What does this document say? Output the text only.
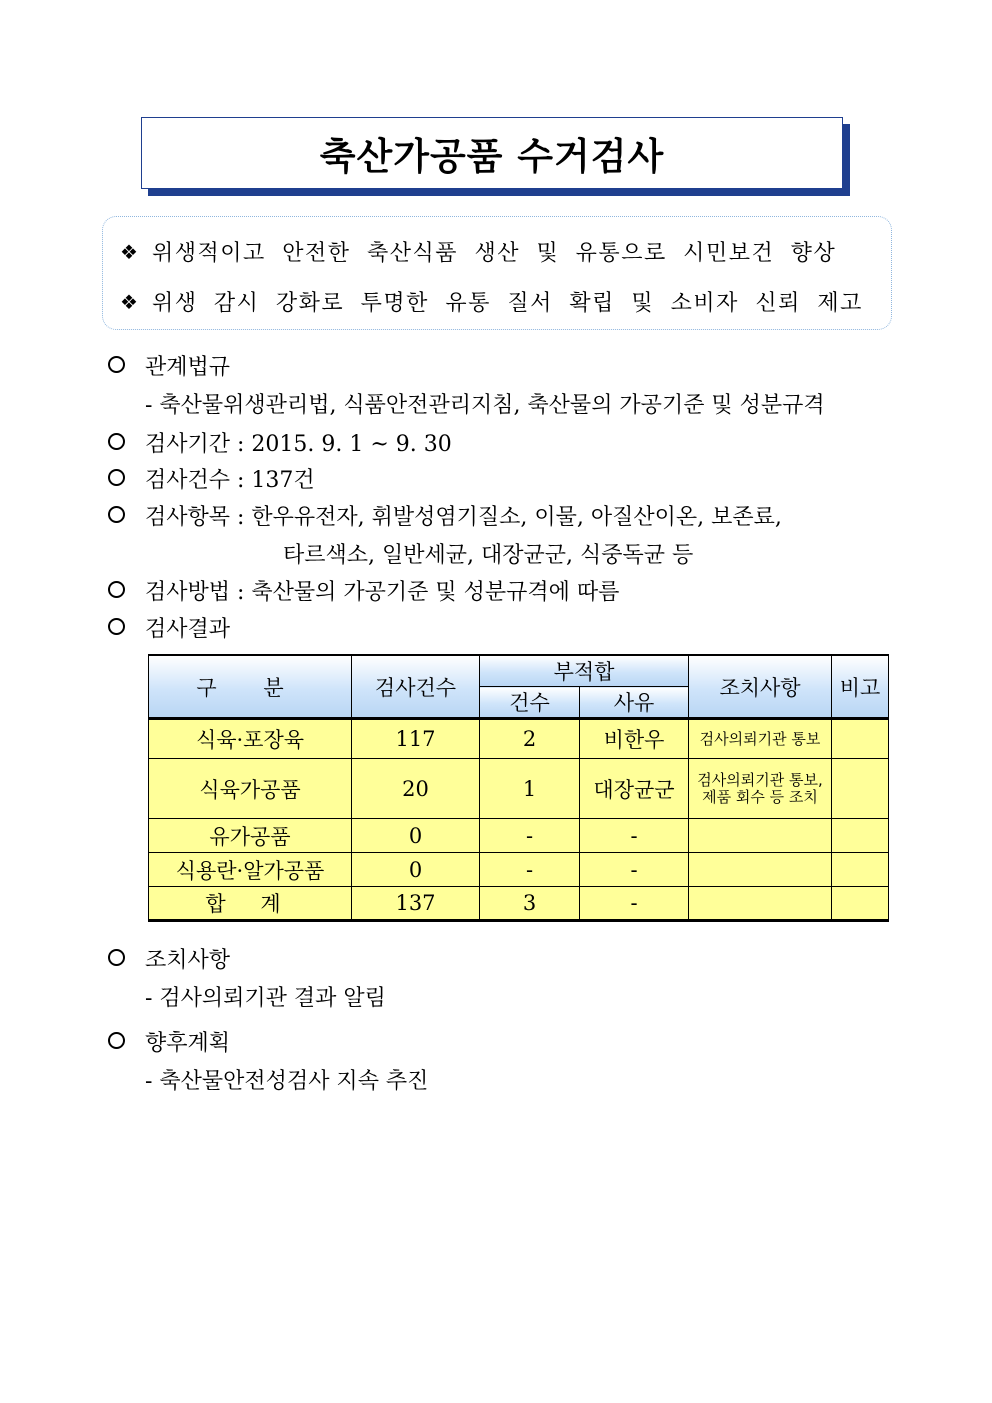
축산가공품 수거검사
❖ 위생적이고 안전한 축산식품 생산 및 유통으로 시민보건 향상
❖ 위생 감시 강화로 투명한 유통 질서 확립 및 소비자 신뢰 제고
관계법규
- 축산물위생관리법, 식품안전관리지침, 축산물의 가공기준 및 성분규격
검사기간 : 2015. 9. 1 ~ 9. 30
검사건수 : 137건
검사항목 : 한우유전자, 휘발성염기질소, 이물, 아질산이온, 보존료,
타르색소, 일반세균, 대장균군, 식중독균 등
검사방법 : 축산물의 가공기준 및 성분규격에 따름
검사결과
구 분	검사건수	부적합		조치사항	비고
		건수	사유		
식육·포장육	117	2	비한우	검사의뢰기관 통보	
식육가공품	20	1	대장균군	검사의뢰기관 통보, 제품 회수 등 조치	
유가공품	0	-	-		
식용란·알가공품	0	-	-		
합 계	137	3	-		
조치사항
- 검사의뢰기관 결과 알림
향후계획
- 축산물안전성검사 지속 추진
